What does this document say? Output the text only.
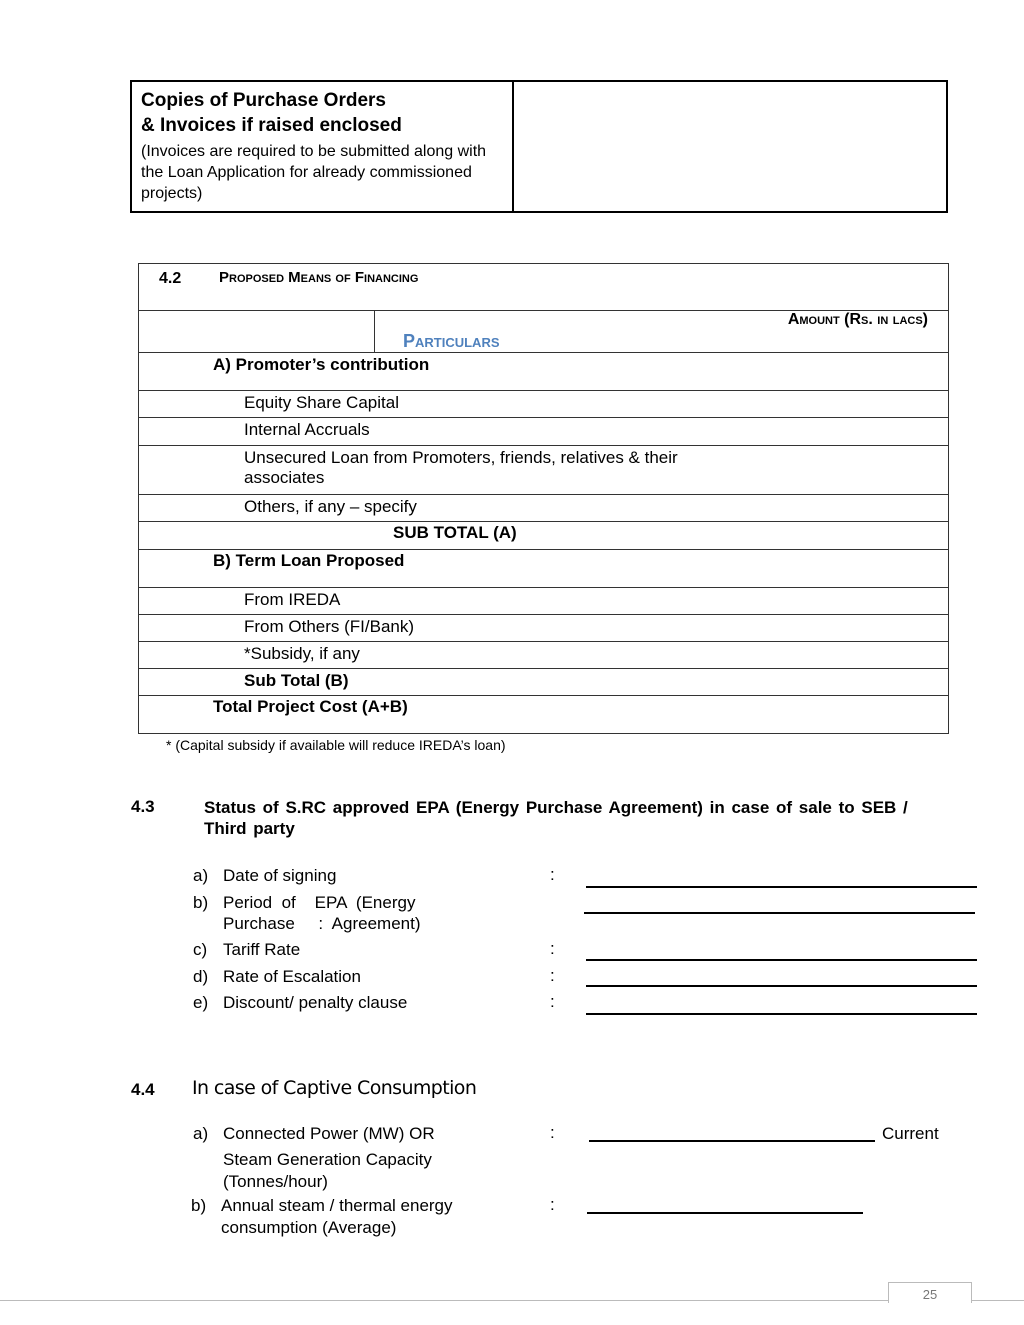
Copies of Purchase Orders
& Invoices if raised enclosed
(Invoices are required to be submitted along with the Loan Application for already commissioned projects)
4.2	Proposed Means of Financing
Amount (Rs. in lacs)
Particulars
A) Promoter’s contribution
Equity Share Capital
Internal Accruals
Unsecured Loan from Promoters, friends, relatives & their associates
Others, if any – specify
SUB TOTAL (A)
B) Term Loan Proposed
From IREDA
From Others (FI/Bank)
*Subsidy, if any
Sub Total (B)
Total Project Cost (A+B)
* (Capital subsidy if available will reduce IREDA’s loan)
4.3	Status of S.RC approved EPA (Energy Purchase Agreement) in case of sale to SEB / Third party
a) Date of signing	:
b) Period  of    EPA  (Energy
Purchase     :  Agreement)
c) Tariff Rate	:
d) Rate of Escalation	:
e) Discount/ penalty clause	:
4.4 In case of Captive Consumption
a) Connected Power (MW) OR
Steam Generation Capacity
(Tonnes/hour)
:	Current
b) Annual steam / thermal energy
consumption (Average)
:
25
